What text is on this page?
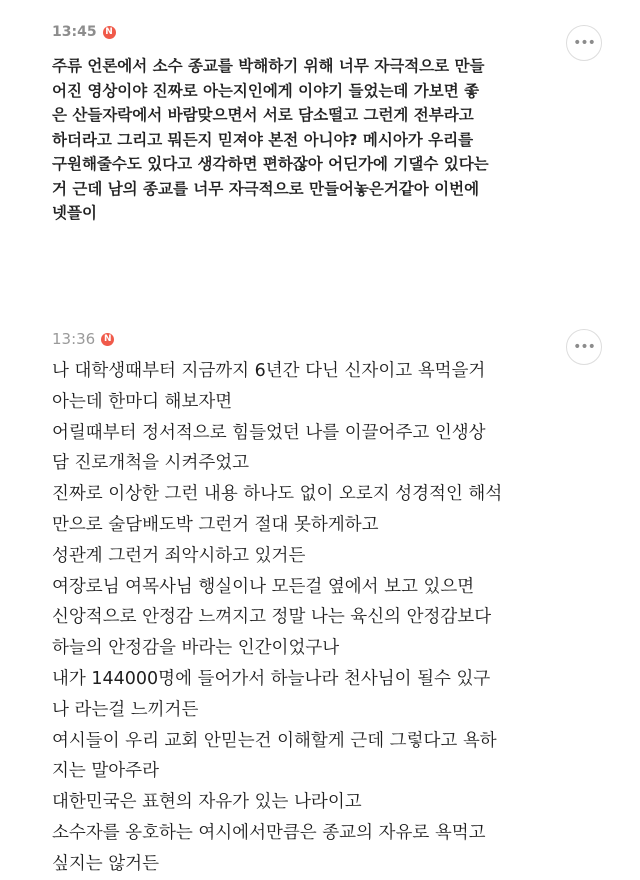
13:45 N
•••

주류 언론에서 소수 종교를 박해하기 위해 너무 자극적으로 만들
어진 영상이야 진짜로 아는지인에게 이야기 들었는데 가보면 좋
은 산들자락에서 바람맞으면서 서로 담소떨고 그런게 전부라고
하더라고 그리고 뭐든지 믿져야 본전 아니야? 메시아가 우리를
구원해줄수도 있다고 생각하면 편하잖아 어딘가에 기댈수 있다는
거 근데 남의 종교를 너무 자극적으로 만들어놓은거같아 이번에
넷플이

13:36 N
•••

나 대학생때부터 지금까지 6년간 다닌 신자이고 욕먹을거
아는데 한마디 해보자면
어릴때부터 정서적으로 힘들었던 나를 이끌어주고 인생상
담 진로개척을 시켜주었고
진짜로 이상한 그런 내용 하나도 없이 오로지 성경적인 해석
만으로 술담배도박 그런거 절대 못하게하고
성관계 그런거 죄악시하고 있거든
여장로님 여목사님 행실이나 모든걸 옆에서 보고 있으면
신앙적으로 안정감 느껴지고 정말 나는 육신의 안정감보다
하늘의 안정감을 바라는 인간이었구나
내가 144000명에 들어가서 하늘나라 천사님이 될수 있구
나 라는걸 느끼거든
여시들이 우리 교회 안믿는건 이해할게 근데 그렇다고 욕하
지는 말아주라
대한민국은 표현의 자유가 있는 나라이고
소수자를 옹호하는 여시에서만큼은 종교의 자유로 욕먹고
싶지는 않거든
